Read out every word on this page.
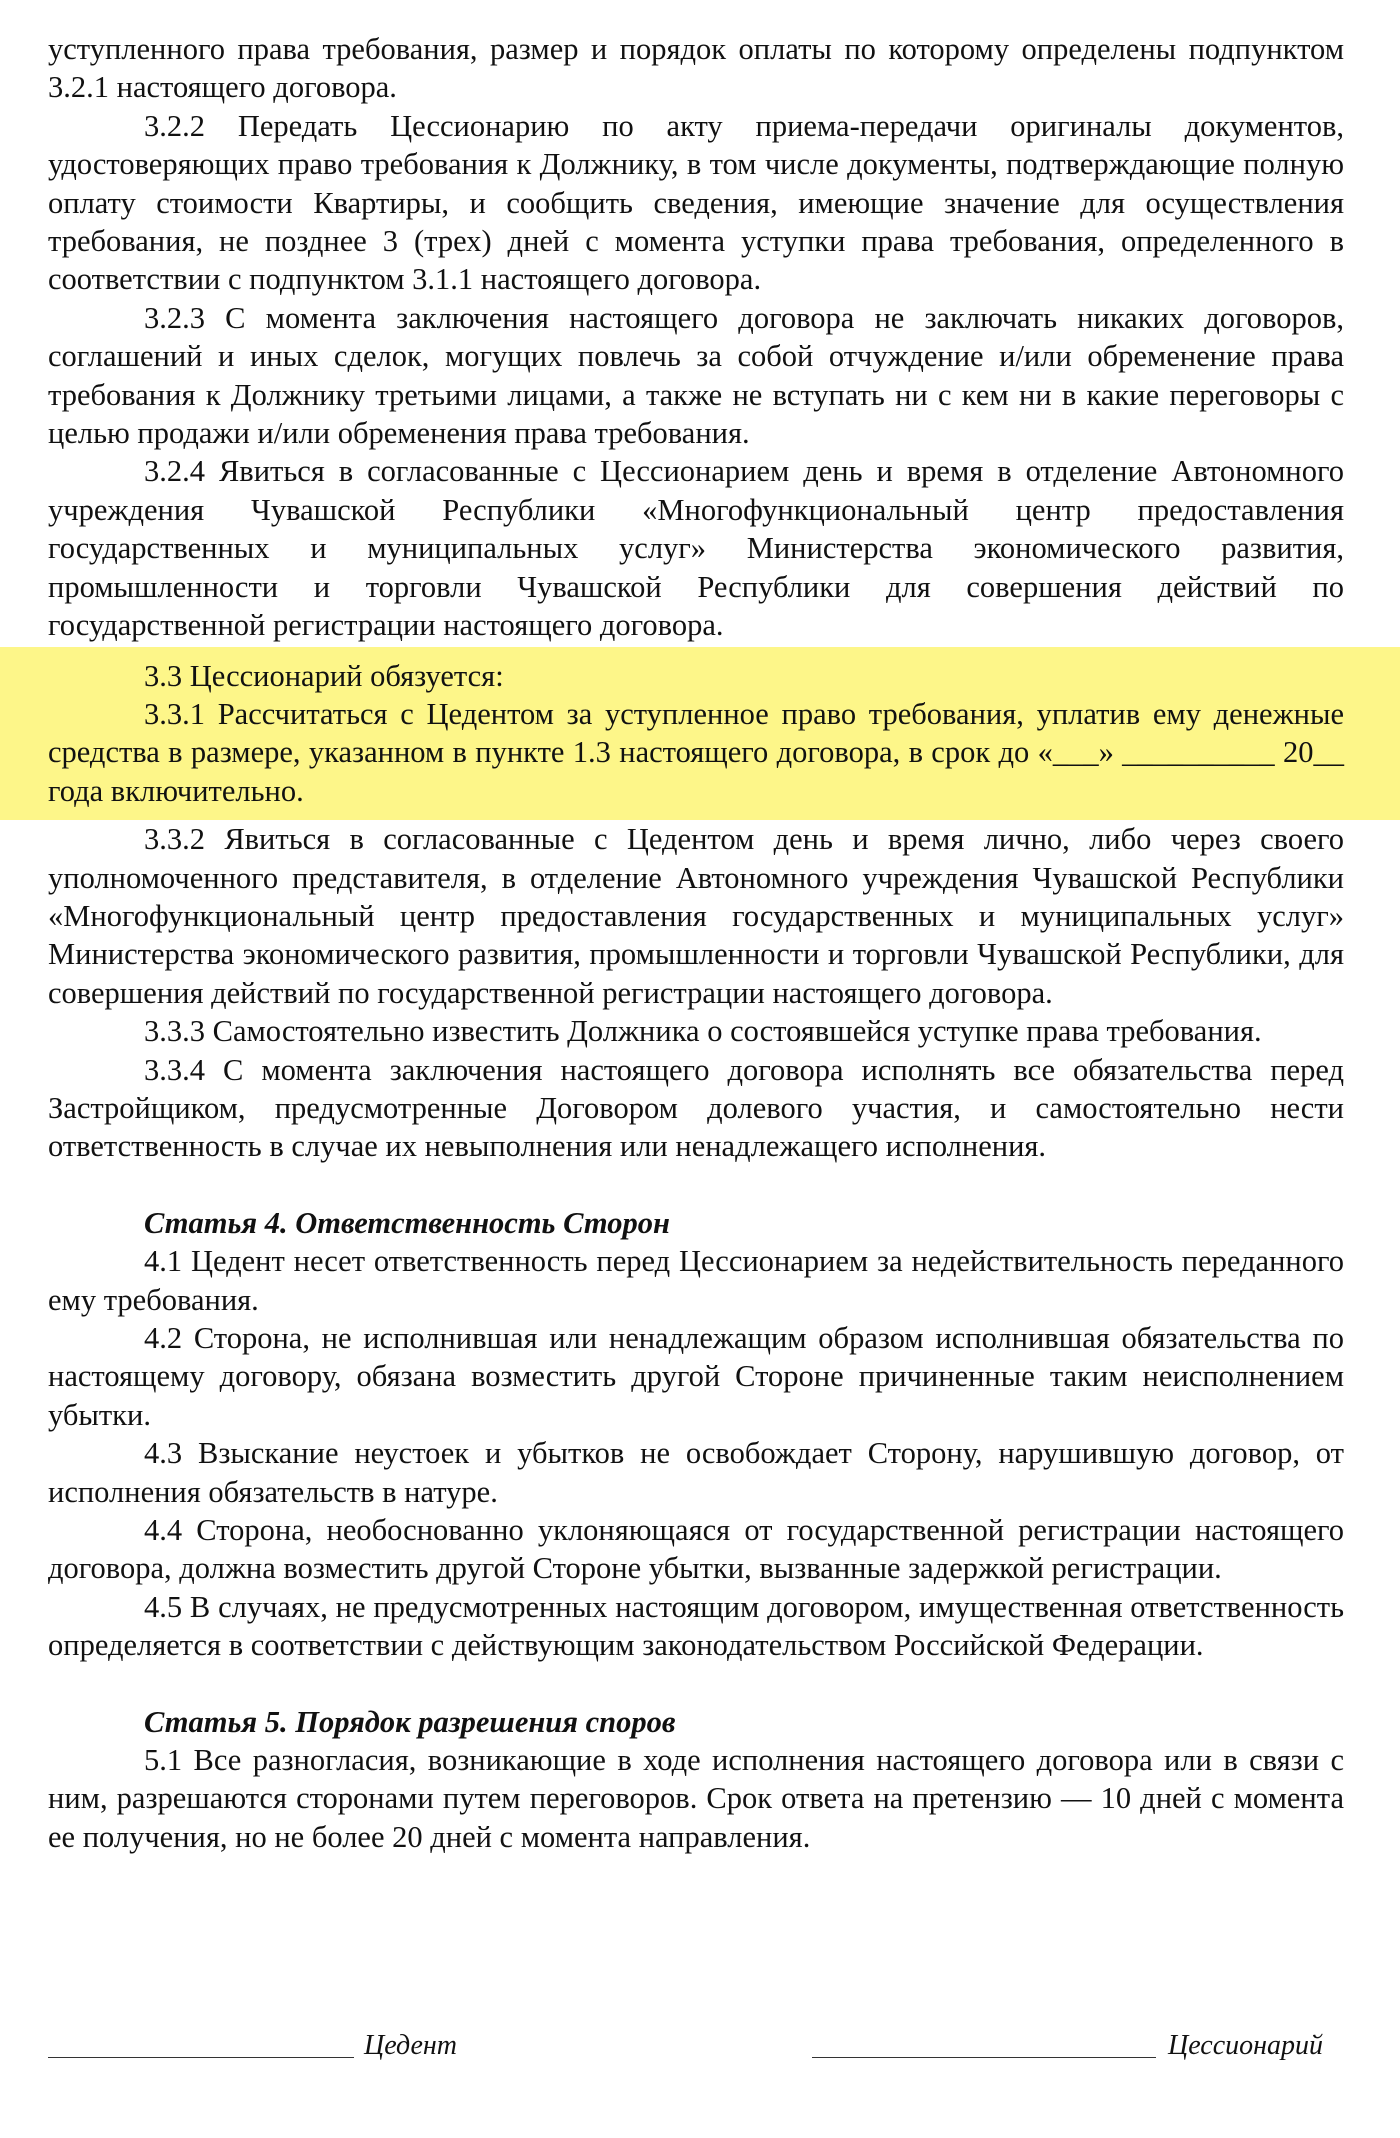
уступленного права требования, размер и порядок оплаты по которому определены подпунктом 3.2.1 настоящего договора.

3.2.2 Передать Цессионарию по акту приема-передачи оригиналы документов, удостоверяющих право требования к Должнику, в том числе документы, подтверждающие полную оплату стоимости Квартиры, и сообщить сведения, имеющие значение для осуществления требования, не позднее 3 (трех) дней с момента уступки права требования, определенного в соответствии с подпунктом 3.1.1 настоящего договора.

3.2.3 С момента заключения настоящего договора не заключать никаких договоров, соглашений и иных сделок, могущих повлечь за собой отчуждение и/или обременение права требования к Должнику третьими лицами, а также не вступать ни с кем ни в какие переговоры с целью продажи и/или обременения права требования.

3.2.4 Явиться в согласованные с Цессионарием день и время в отделение Автономного учреждения Чувашской Республики «Многофункциональный центр предоставления государственных и муниципальных услуг» Министерства экономического развития, промышленности и торговли Чувашской Республики для совершения действий по государственной регистрации настоящего договора.

3.3 Цессионарий обязуется:

3.3.1 Рассчитаться с Цедентом за уступленное право требования, уплатив ему денежные средства в размере, указанном в пункте 1.3 настоящего договора, в срок до «___» __________ 20__ года включительно.

3.3.2 Явиться в согласованные с Цедентом день и время лично, либо через своего уполномоченного представителя, в отделение Автономного учреждения Чувашской Республики «Многофункциональный центр предоставления государственных и муниципальных услуг» Министерства экономического развития, промышленности и торговли Чувашской Республики, для совершения действий по государственной регистрации настоящего договора.

3.3.3 Самостоятельно известить Должника о состоявшейся уступке права требования.

3.3.4 С момента заключения настоящего договора исполнять все обязательства перед Застройщиком, предусмотренные Договором долевого участия, и самостоятельно нести ответственность в случае их невыполнения или ненадлежащего исполнения.

Статья 4. Ответственность Сторон

4.1 Цедент несет ответственность перед Цессионарием за недействительность переданного ему требования.

4.2 Сторона, не исполнившая или ненадлежащим образом исполнившая обязательства по настоящему договору, обязана возместить другой Стороне причиненные таким неисполнением убытки.

4.3 Взыскание неустоек и убытков не освобождает Сторону, нарушившую договор, от исполнения обязательств в натуре.

4.4 Сторона, необоснованно уклоняющаяся от государственной регистрации настоящего договора, должна возместить другой Стороне убытки, вызванные задержкой регистрации.

4.5 В случаях, не предусмотренных настоящим договором, имущественная ответственность определяется в соответствии с действующим законодательством Российской Федерации.

Статья 5. Порядок разрешения споров

5.1 Все разногласия, возникающие в ходе исполнения настоящего договора или в связи с ним, разрешаются сторонами путем переговоров. Срок ответа на претензию — 10 дней с момента ее получения, но не более 20 дней с момента направления.

Цедент	Цессионарий
